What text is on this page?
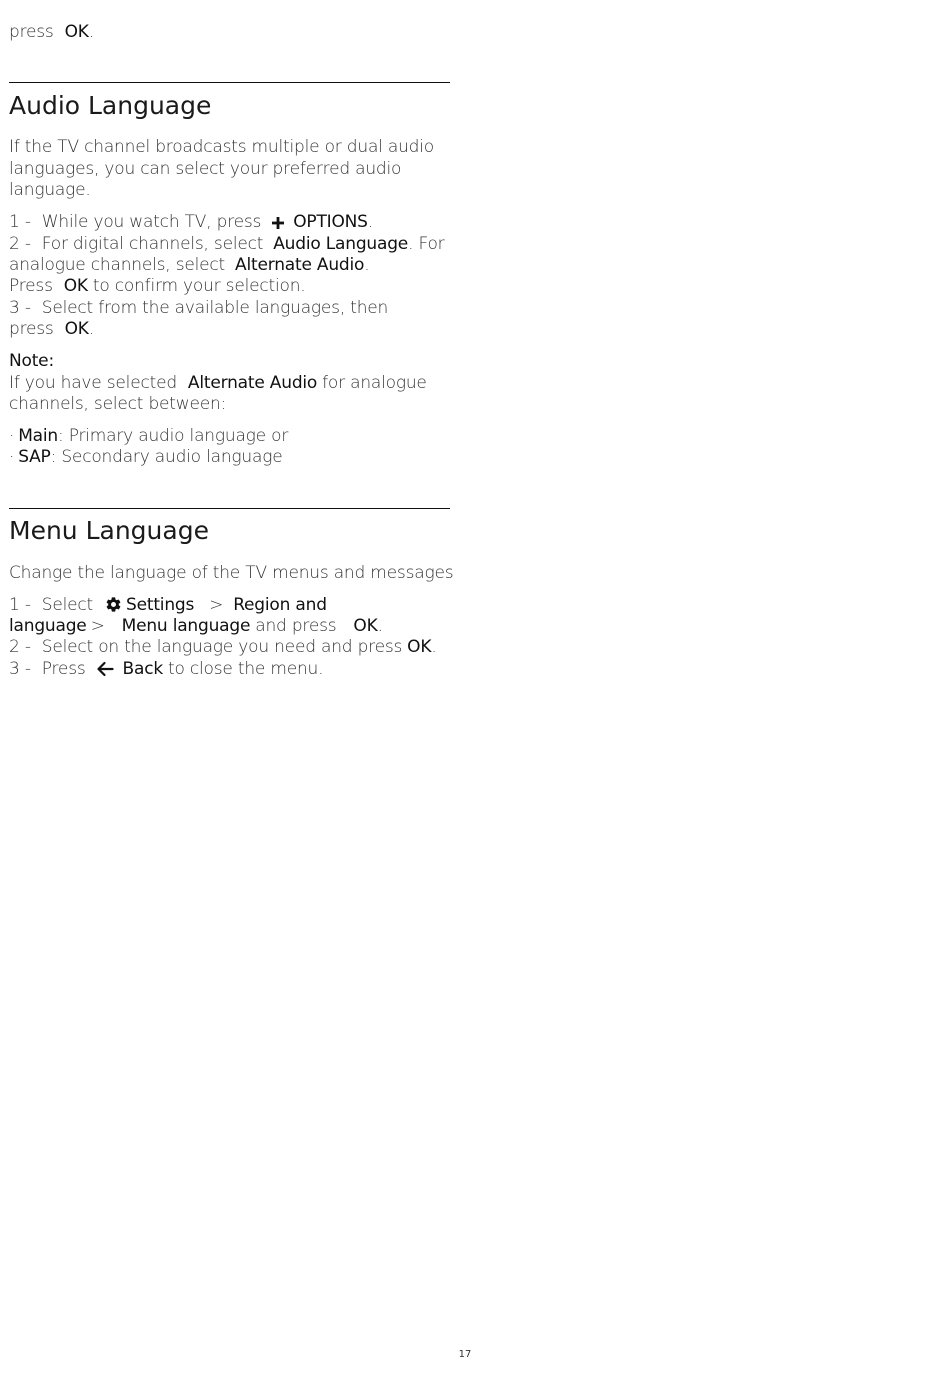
press OK.
Audio Language
If the TV channel broadcasts multiple or dual audio
languages, you can select your preferred audio
language.
1 - While you watch TV, press OPTIONS.
2 - For digital channels, select Audio Language. For
analogue channels, select Alternate Audio.
Press OK to confirm your selection.
3 - Select from the available languages, then
press OK.
Note:
If you have selected Alternate Audio for analogue
channels, select between:
· Main: Primary audio language or
· SAP: Secondary audio language
Menu Language
Change the language of the TV menus and messages
1 - Select Settings > Region and
language > Menu language and press OK.
2 - Select on the language you need and press OK.
3 - Press Back to close the menu.
17
